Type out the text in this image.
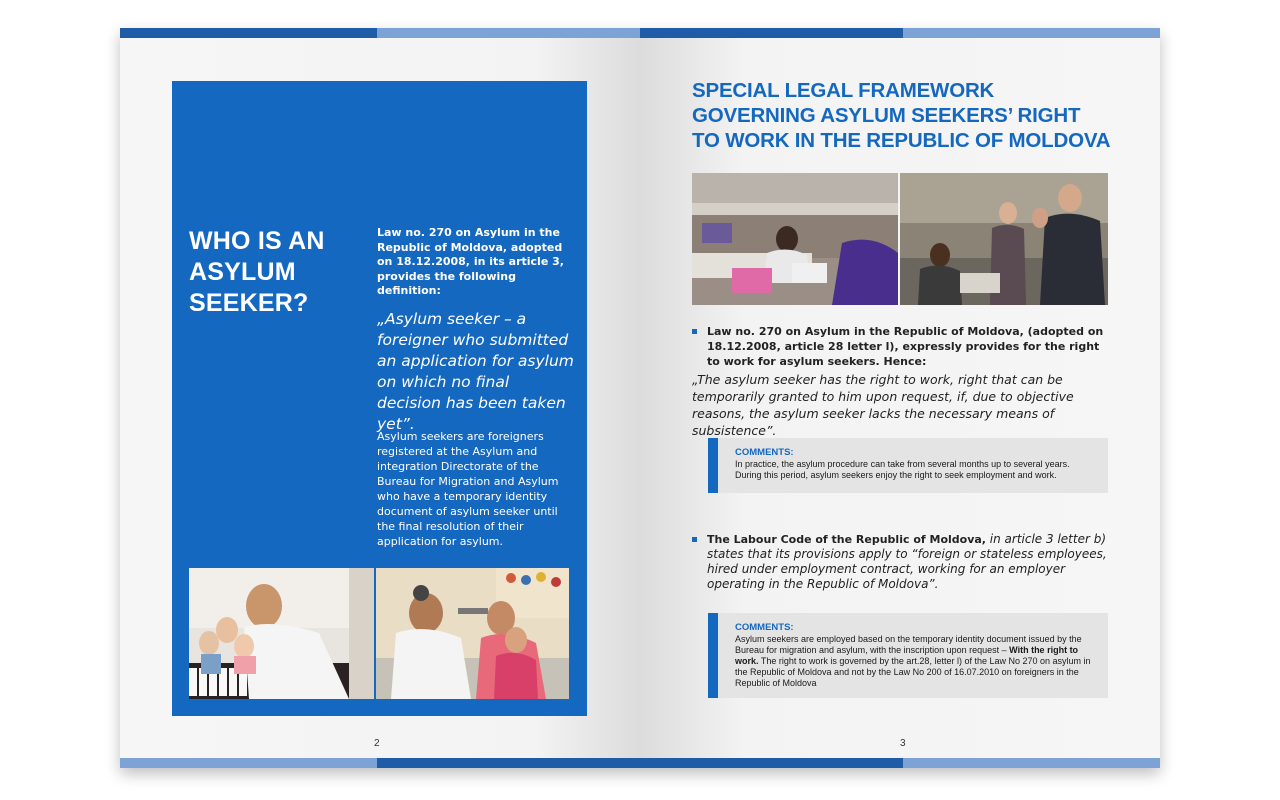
WHO IS AN ASYLUM SEEKER?
Law no. 270 on Asylum in the Republic of Moldova, adopted on 18.12.2008, in its article 3, provides the following definition:
„Asylum seeker – a foreigner who submitted an application for asylum on which no final decision has been taken yet”.
Asylum seekers are foreigners registered at the Asylum and integration Directorate of the Bureau for Migration and Asylum who have a temporary identity document of asylum seeker until the final resolution of their application for asylum.
2
SPECIAL LEGAL FRAMEWORK GOVERNING ASYLUM SEEKERS’ RIGHT TO WORK IN THE REPUBLIC OF MOLDOVA
Law no. 270 on Asylum in the Republic of Moldova, (adopted on 18.12.2008, article 28 letter l), expressly provides for the right to work for asylum seekers. Hence:
„The asylum seeker has the right to work, right that can be temporarily granted to him upon request, if, due to objective reasons, the asylum seeker lacks the necessary means of subsistence”.
COMMENTS:
In practice, the asylum procedure can take from several months up to several years. During this period, asylum seekers enjoy the right to seek employment and work.
The Labour Code of the Republic of Moldova, in article 3 letter b) states that its provisions apply to “foreign or stateless employees, hired under employment contract, working for an employer operating in the Republic of Moldova”.
COMMENTS:
Asylum seekers are employed based on the temporary identity document issued by the Bureau for migration and asylum, with the inscription upon request – With the right to work. The right to work is governed by the art.28, letter l) of the Law No 270 on asylum in the Republic of Moldova and not by the Law No 200 of 16.07.2010 on foreigners in the Republic of Moldova
3
